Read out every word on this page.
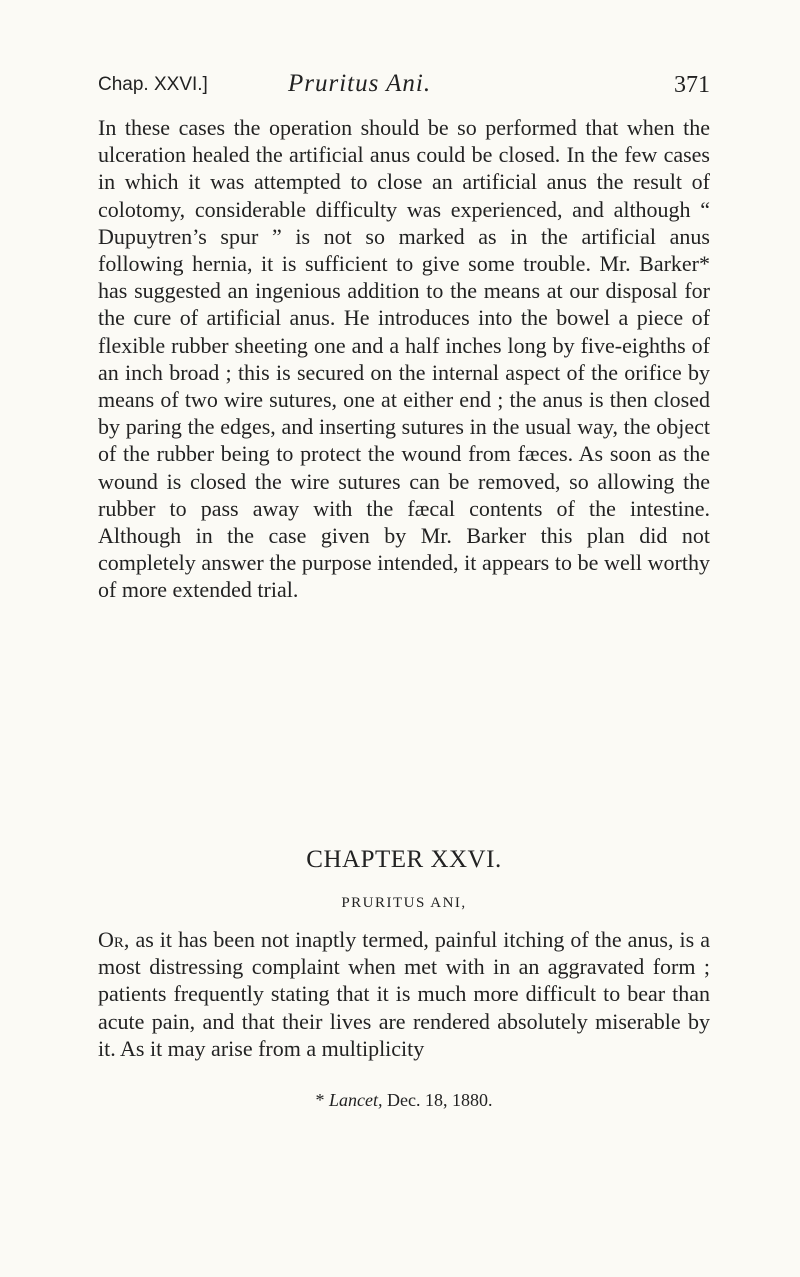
Chap. XXVI.]	Pruritus Ani.	371

In these cases the operation should be so performed that when the ulceration healed the artificial anus could be closed. In the few cases in which it was attempted to close an artificial anus the result of colotomy, considerable difficulty was experienced, and although “ Dupuytren’s spur ” is not so marked as in the artificial anus following hernia, it is sufficient to give some trouble. Mr. Barker* has suggested an ingenious addition to the means at our disposal for the cure of artificial anus. He introduces into the bowel a piece of flexible rubber sheeting one and a half inches long by five-eighths of an inch broad ; this is secured on the internal aspect of the orifice by means of two wire sutures, one at either end ; the anus is then closed by paring the edges, and inserting sutures in the usual way, the object of the rubber being to protect the wound from fæces. As soon as the wound is closed the wire sutures can be removed, so allowing the rubber to pass away with the fæcal contents of the intestine. Although in the case given by Mr. Barker this plan did not completely answer the purpose intended, it appears to be well worthy of more extended trial.

CHAPTER XXVI.

PRURITUS ANI,

Or, as it has been not inaptly termed, painful itching of the anus, is a most distressing complaint when met with in an aggravated form ; patients frequently stating that it is much more difficult to bear than acute pain, and that their lives are rendered absolutely miserable by it. As it may arise from a multiplicity

* Lancet, Dec. 18, 1880.
